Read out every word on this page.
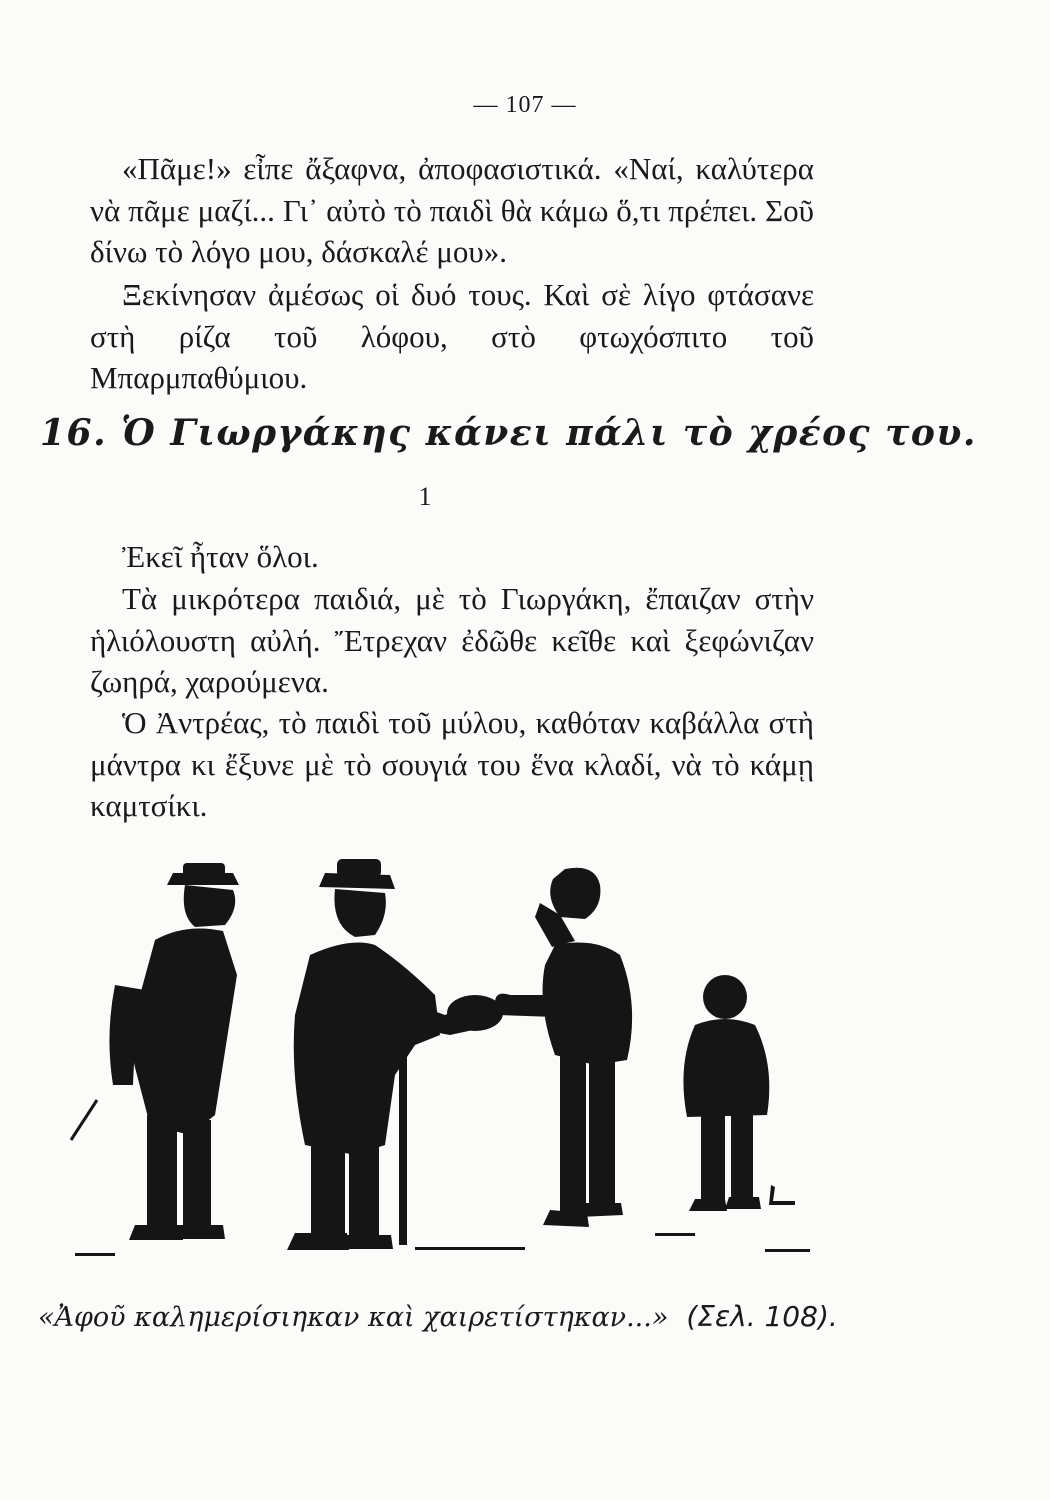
— 107 —

«Πᾶμε!» εἶπε ἄξαφνα, ἀποφασιστικά. «Ναί, καλύτερα νὰ πᾶμε μαζί... Γι᾿ αὐτὸ τὸ παιδὶ θὰ κάμω ὅ,τι πρέπει. Σοῦ δίνω τὸ λόγο μου, δάσκαλέ μου».

Ξεκίνησαν ἀμέσως οἱ δυό τους. Καὶ σὲ λίγο φτάσανε στὴ ρίζα τοῦ λόφου, στὸ φτωχόσπιτο τοῦ Μπαρμπαθύμιου.

16. Ὁ Γιωργάκης κάνει πάλι τὸ χρέος του.
1

Ἐκεῖ ἦταν ὅλοι.

Τὰ μικρότερα παιδιά, μὲ τὸ Γιωργάκη, ἔπαιζαν στὴν ἡλιόλουστη αὐλή. Ἔτρεχαν ἐδῶθε κεῖθε καὶ ξεφώνιζαν ζωηρά, χαρούμενα.

Ὁ Ἀντρέας, τὸ παιδὶ τοῦ μύλου, καθόταν καβάλλα στὴ μάντρα κι ἔξυνε μὲ τὸ σουγιά του ἕνα κλαδί, νὰ τὸ κάμῃ καμτσίκι.

«Ἀφοῦ καλημερίσιηκαν καὶ χαιρετίστηκαν...» (Σελ. 108).
